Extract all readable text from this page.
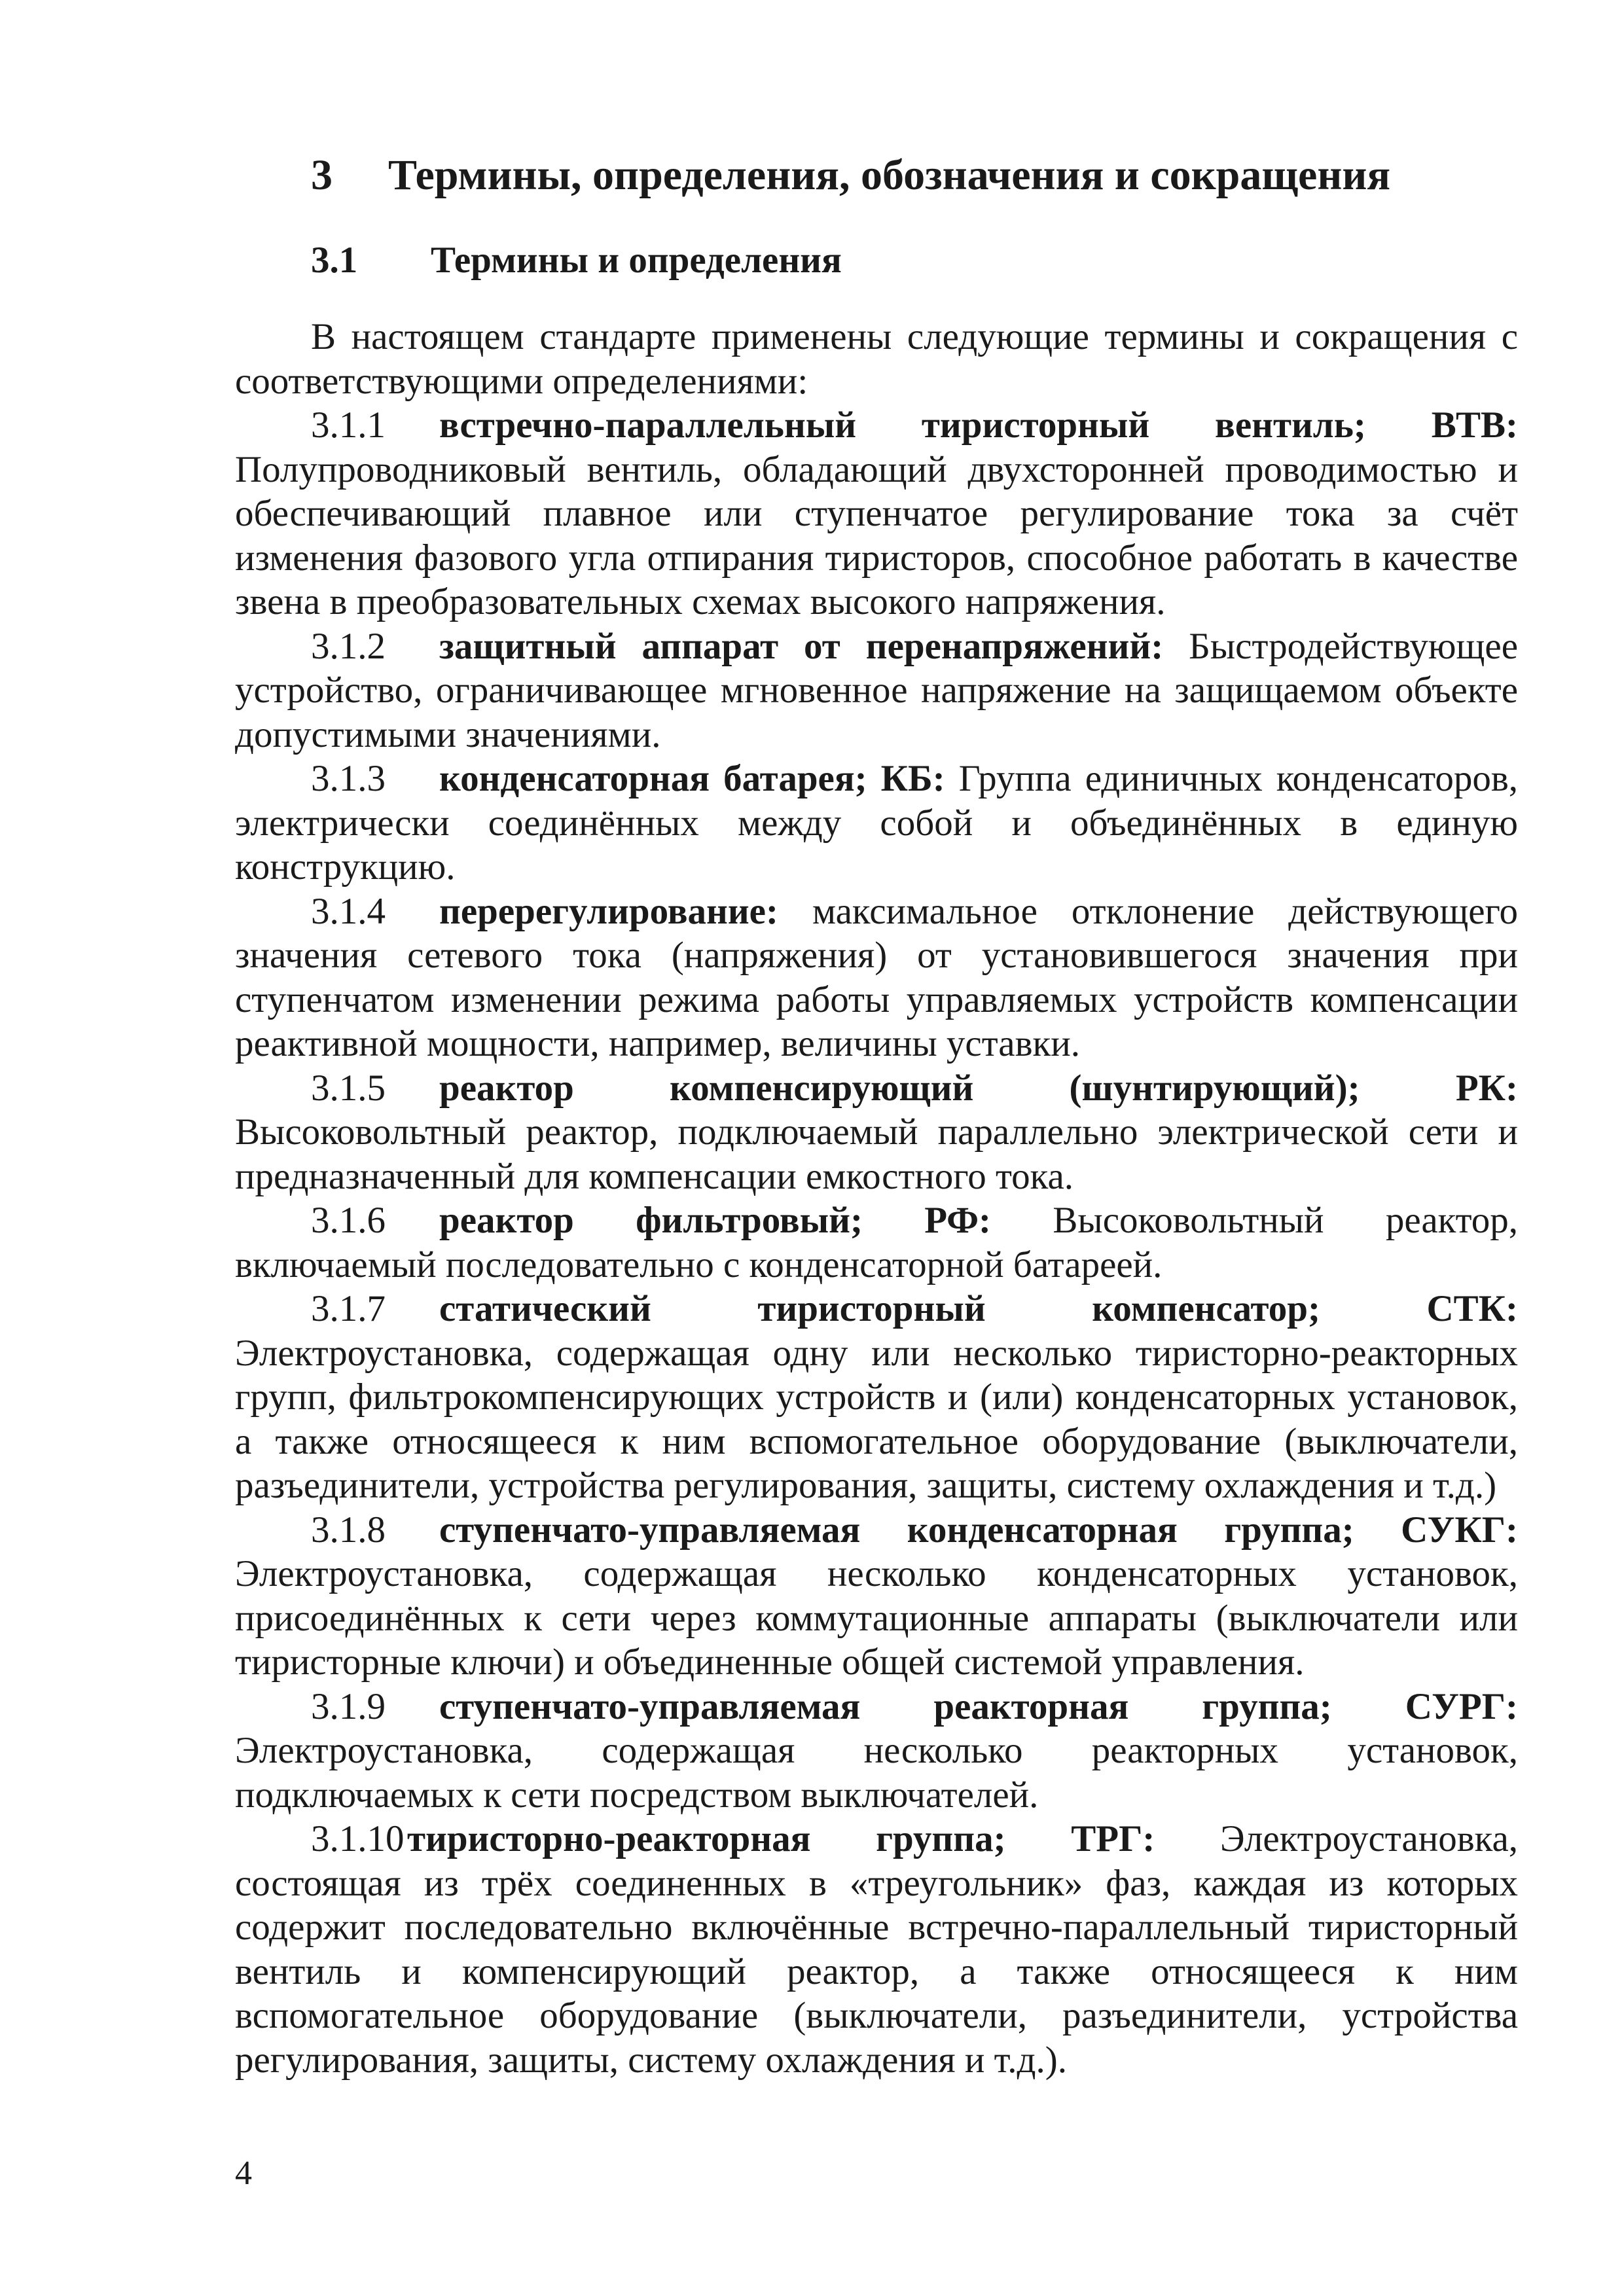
3 Термины, определения, обозначения и сокращения
3.1 Термины и определения

В настоящем стандарте применены следующие термины и сокращения с соответствующими определениями:

3.1.1 встречно-параллельный тиристорный вентиль; ВТВ: Полупроводниковый вентиль, обладающий двухсторонней проводимостью и обеспечивающий плавное или ступенчатое регулирование тока за счёт изменения фазового угла отпирания тиристоров, способное работать в качестве звена в преобразовательных схемах высокого напряжения.

3.1.2 защитный аппарат от перенапряжений: Быстродействующее устройство, ограничивающее мгновенное напряжение на защищаемом объекте допустимыми значениями.

3.1.3 конденсаторная батарея; КБ: Группа единичных конденсаторов, электрически соединённых между собой и объединённых в единую конструкцию.

3.1.4 перерегулирование: максимальное отклонение действующего значения сетевого тока (напряжения) от установившегося значения при ступенчатом изменении режима работы управляемых устройств компенсации реактивной мощности, например, величины уставки.

3.1.5 реактор компенсирующий (шунтирующий); РК: Высоковольтный реактор, подключаемый параллельно электрической сети и предназначенный для компенсации емкостного тока.

3.1.6 реактор фильтровый; РФ: Высоковольтный реактор, включаемый последовательно с конденсаторной батареей.

3.1.7 статический тиристорный компенсатор; СТК: Электроустановка, содержащая одну или несколько тиристорно-реакторных групп, фильтрокомпенсирующих устройств и (или) конденсаторных установок, а также относящееся к ним вспомогательное оборудование (выключатели, разъединители, устройства регулирования, защиты, систему охлаждения и т.д.)

3.1.8 ступенчато-управляемая конденсаторная группа; СУКГ: Электроустановка, содержащая несколько конденсаторных установок, присоединённых к сети через коммутационные аппараты (выключатели или тиристорные ключи) и объединенные общей системой управления.

3.1.9 ступенчато-управляемая реакторная группа; СУРГ: Электроустановка, содержащая несколько реакторных установок, подключаемых к сети посредством выключателей.

3.1.10тиристорно-реакторная группа; ТРГ: Электроустановка, состоящая из трёх соединенных в «треугольник» фаз, каждая из которых содержит последовательно включённые встречно-параллельный тиристорный вентиль и компенсирующий реактор, а также относящееся к ним вспомогательное оборудование (выключатели, разъединители, устройства регулирования, защиты, систему охлаждения и т.д.).

4
